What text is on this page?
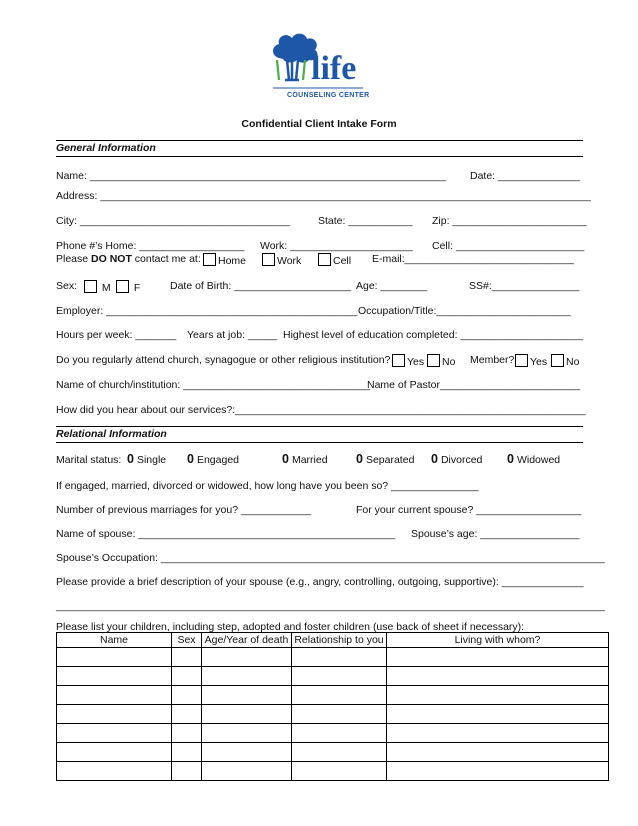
life
COUNSELING CENTER
Confidential Client Intake Form
General Information
Name: _____________________________________________________________ Date: ______________
Address: ____________________________________________________________________________________
City: ____________________________________	State: ___________ Zip: _______________________
Phone #’s Home: __________________ Work: _____________________ Cell: ______________________
Please DO NOT contact me at:	Home	Work	Cell E-mail:_____________________________
Sex:	M	F	Date of Birth: ____________________ Age: ________	SS#:_______________
Employer: ___________________________________________ Occupation/Title:_______________________
Hours per week: _______ Years at job: _____ Highest level of education completed: _____________________
Do you regularly attend church, synagogue or other religious institution?	Yes	No Member?	Yes	No
Name of church/institution: ________________________________
Name of Pastor________________________
How did you hear about our services?:____________________________________________________________
Relational Information
Marital status: 0 Single 0 Engaged	0 Married 0 Separated 0 Divorced 0 Widowed
If engaged, married, divorced or widowed, how long have you been so? _______________
Number of previous marriages for you? ____________	For your current spouse? __________________
Name of spouse: ____________________________________________ Spouse’s age: _________________
Spouse’s Occupation: ____________________________________________________________________________
Please provide a brief description of your spouse (e.g., angry, controlling, outgoing, supportive): ______________
______________________________________________________________________________________________
Please list your children, including step, adopted and foster children (use back of sheet if necessary):
Name	Sex	Age/Year of death	Relationship to you	Living with whom?
